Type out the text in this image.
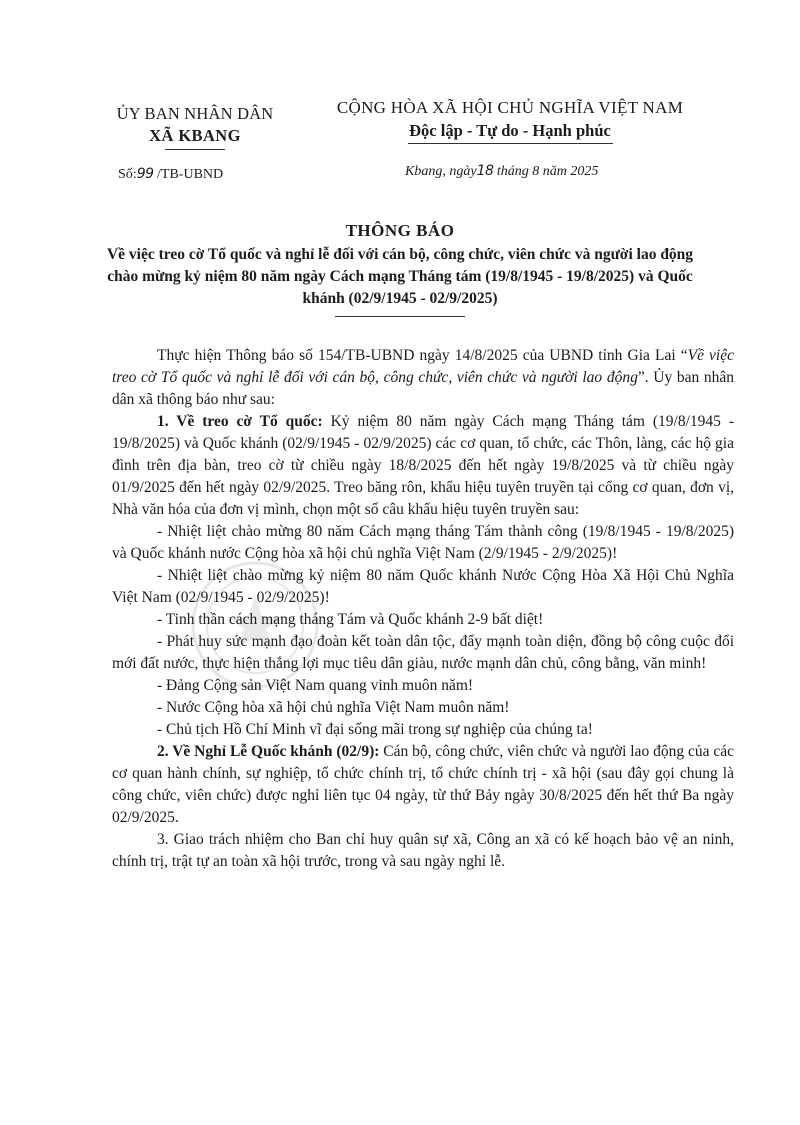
ỦY BAN NHÂN DÂN
XÃ KBANG
CỘNG HÒA XÃ HỘI CHỦ NGHĨA VIỆT NAM
Độc lập - Tự do - Hạnh phúc
Số:99 /TB-UBND	Kbang, ngày18 tháng 8 năm 2025
THÔNG BÁO
Về việc treo cờ Tổ quốc và nghỉ lễ đối với cán bộ, công chức, viên chức và người lao động chào mừng kỷ niệm 80 năm ngày Cách mạng Tháng tám (19/8/1945 - 19/8/2025) và Quốc khánh (02/9/1945 - 02/9/2025)

Thực hiện Thông báo số 154/TB-UBND ngày 14/8/2025 của UBND tỉnh Gia Lai “Về việc treo cờ Tổ quốc và nghỉ lễ đối với cán bộ, công chức, viên chức và người lao động”. Ủy ban nhân dân xã thông báo như sau:

1. Về treo cờ Tổ quốc: Kỷ niệm 80 năm ngày Cách mạng Tháng tám (19/8/1945 - 19/8/2025) và Quốc khánh (02/9/1945 - 02/9/2025) các cơ quan, tổ chức, các Thôn, làng, các hộ gia đình trên địa bàn, treo cờ từ chiều ngày 18/8/2025 đến hết ngày 19/8/2025 và từ chiều ngày 01/9/2025 đến hết ngày 02/9/2025. Treo băng rôn, khẩu hiệu tuyên truyền tại cổng cơ quan, đơn vị, Nhà văn hóa của đơn vị mình, chọn một số câu khẩu hiệu tuyên truyền sau:

- Nhiệt liệt chào mừng 80 năm Cách mạng tháng Tám thành công (19/8/1945 - 19/8/2025) và Quốc khánh nước Cộng hòa xã hội chủ nghĩa Việt Nam (2/9/1945 - 2/9/2025)!

- Nhiệt liệt chào mừng kỷ niệm 80 năm Quốc khánh Nước Cộng Hòa Xã Hội Chủ Nghĩa Việt Nam (02/9/1945 - 02/9/2025)!

- Tinh thần cách mạng tháng Tám và Quốc khánh 2-9 bất diệt!

- Phát huy sức mạnh đạo đoàn kết toàn dân tộc, đẩy mạnh toàn diện, đồng bộ công cuộc đổi mới đất nước, thực hiện thắng lợi mục tiêu dân giàu, nước mạnh dân chủ, công bằng, văn minh!

- Đảng Cộng sản Việt Nam quang vinh muôn năm!

- Nước Cộng hòa xã hội chủ nghĩa Việt Nam muôn năm!

- Chủ tịch Hồ Chí Minh vĩ đại sống mãi trong sự nghiệp của chúng ta!

2. Về Nghỉ Lễ Quốc khánh (02/9): Cán bộ, công chức, viên chức và người lao động của các cơ quan hành chính, sự nghiệp, tổ chức chính trị, tổ chức chính trị - xã hội (sau đây gọi chung là công chức, viên chức) được nghỉ liên tục 04 ngày, từ thứ Bảy ngày 30/8/2025 đến hết thứ Ba ngày 02/9/2025.

3. Giao trách nhiệm cho Ban chỉ huy quân sự xã, Công an xã có kế hoạch bảo vệ an ninh, chính trị, trật tự an toàn xã hội trước, trong và sau ngày nghỉ lễ.
